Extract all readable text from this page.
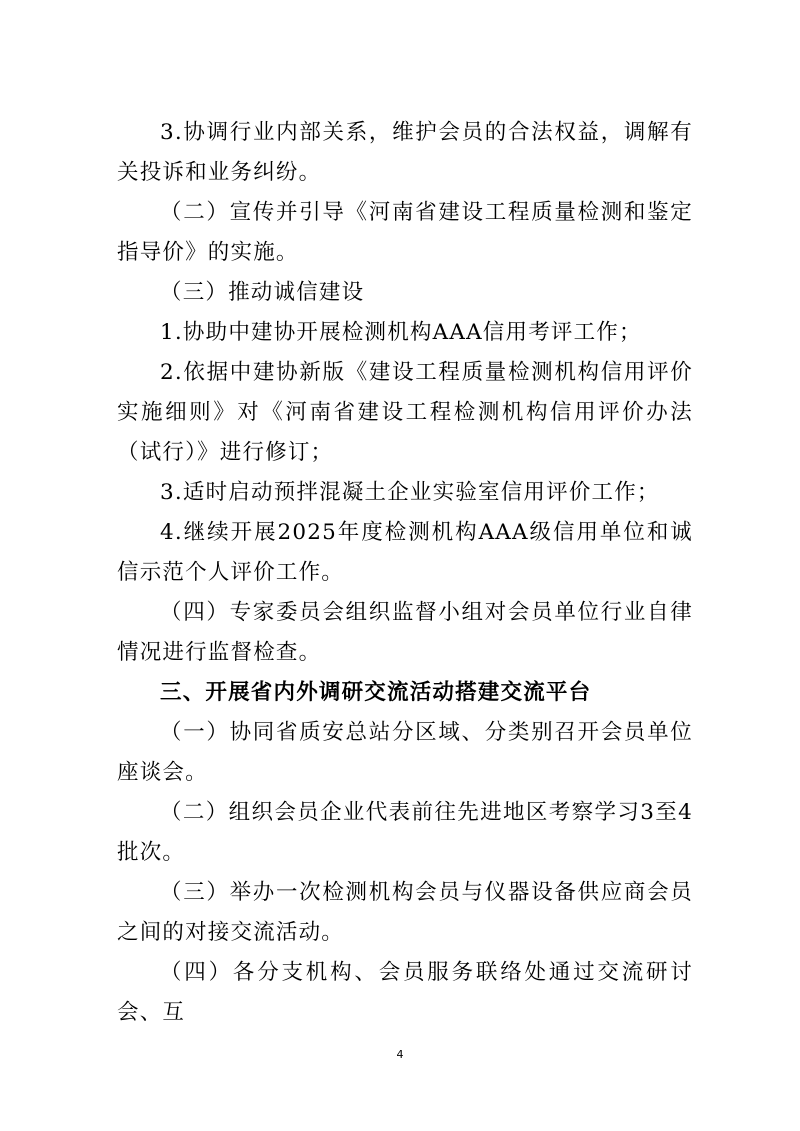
3.协调行业内部关系，维护会员的合法权益，调解有关投诉和业务纠纷。

（二）宣传并引导《河南省建设工程质量检测和鉴定指导价》的实施。

（三）推动诚信建设

1.协助中建协开展检测机构AAA信用考评工作；

2.依据中建协新版《建设工程质量检测机构信用评价实施细则》对《河南省建设工程检测机构信用评价办法（试行）》进行修订；

3.适时启动预拌混凝土企业实验室信用评价工作；

4.继续开展2025年度检测机构AAA级信用单位和诚信示范个人评价工作。

（四）专家委员会组织监督小组对会员单位行业自律情况进行监督检查。

三、开展省内外调研交流活动搭建交流平台

（一）协同省质安总站分区域、分类别召开会员单位座谈会。

（二）组织会员企业代表前往先进地区考察学习3至4批次。

（三）举办一次检测机构会员与仪器设备供应商会员之间的对接交流活动。

（四）各分支机构、会员服务联络处通过交流研讨会、互

4
